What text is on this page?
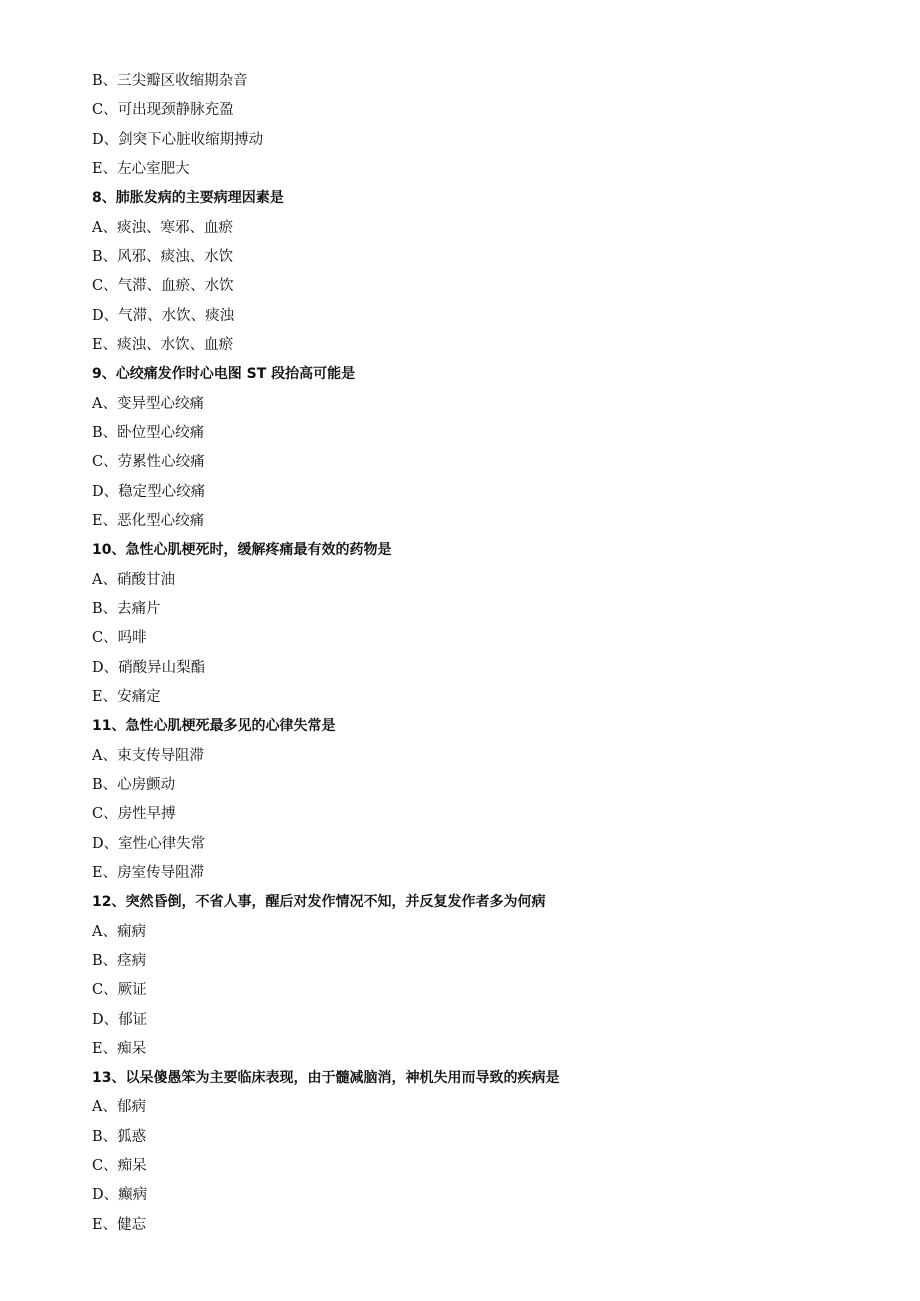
B、三尖瓣区收缩期杂音
C、可出现颈静脉充盈
D、剑突下心脏收缩期搏动
E、左心室肥大
8、肺胀发病的主要病理因素是
A、痰浊、寒邪、血瘀
B、风邪、痰浊、水饮
C、气滞、血瘀、水饮
D、气滞、水饮、痰浊
E、痰浊、水饮、血瘀
9、心绞痛发作时心电图 ST 段抬高可能是
A、变异型心绞痛
B、卧位型心绞痛
C、劳累性心绞痛
D、稳定型心绞痛
E、恶化型心绞痛
10、急性心肌梗死时，缓解疼痛最有效的药物是
A、硝酸甘油
B、去痛片
C、吗啡
D、硝酸异山梨酯
E、安痛定
11、急性心肌梗死最多见的心律失常是
A、束支传导阻滞
B、心房颤动
C、房性早搏
D、室性心律失常
E、房室传导阻滞
12、突然昏倒，不省人事，醒后对发作情况不知，并反复发作者多为何病
A、痫病
B、痉病
C、厥证
D、郁证
E、痴呆
13、以呆傻愚笨为主要临床表现，由于髓减脑消，神机失用而导致的疾病是
A、郁病
B、狐惑
C、痴呆
D、癫病
E、健忘
